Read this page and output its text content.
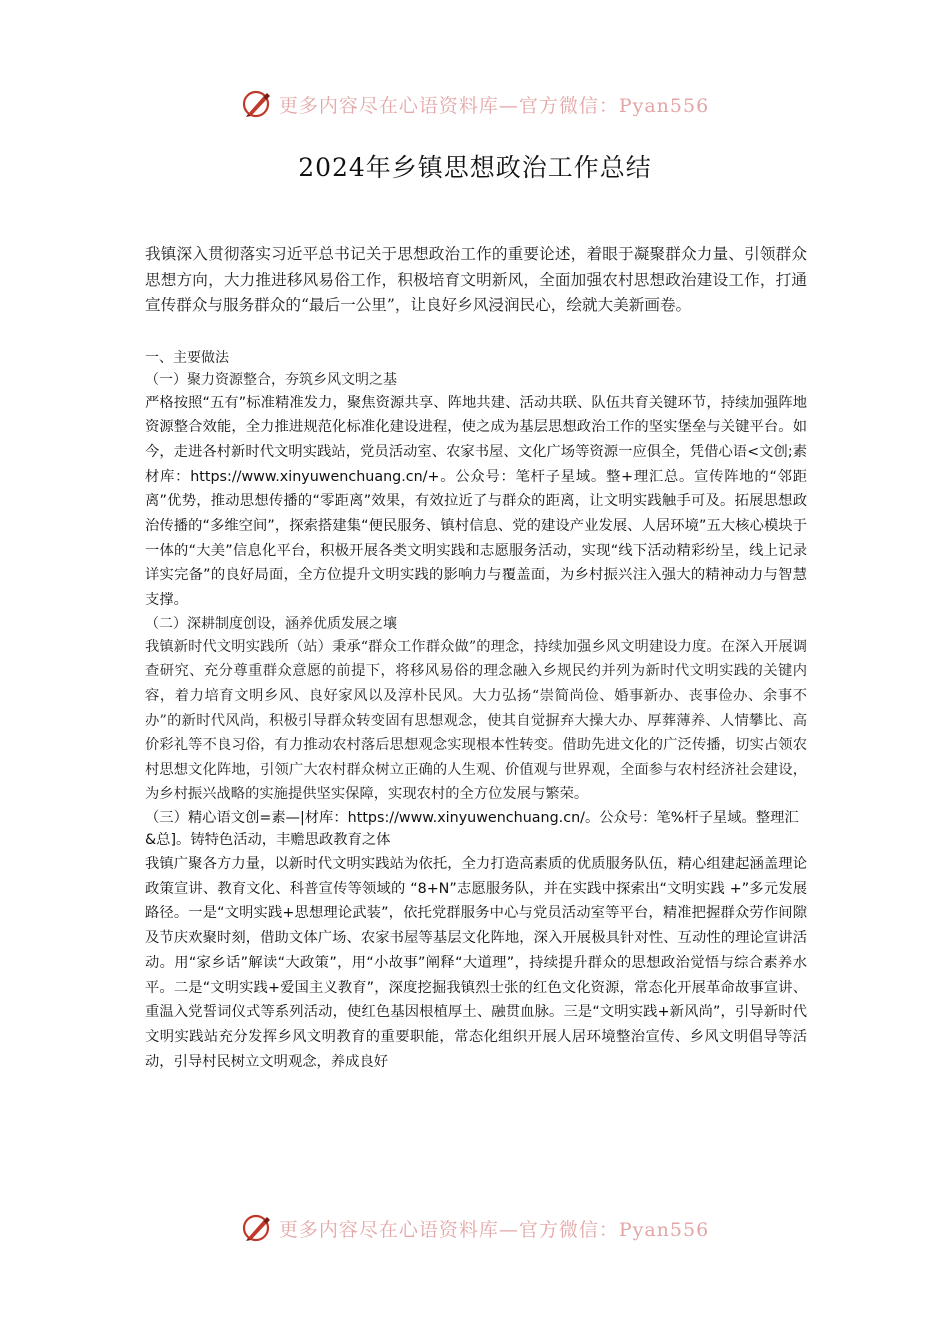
更多内容尽在心语资料库—官方微信：Pyan556
2024年乡镇思想政治工作总结

我镇深入贯彻落实习近平总书记关于思想政治工作的重要论述，着眼于凝聚群众力量、引领群众思想方向，大力推进移风易俗工作，积极培育文明新风，全面加强农村思想政治建设工作，打通宣传群众与服务群众的“最后一公里”，让良好乡风浸润民心，绘就大美新画卷。

一、主要做法

（一）聚力资源整合，夯筑乡风文明之基

严格按照“五有”标准精准发力，聚焦资源共享、阵地共建、活动共联、队伍共育关键环节，持续加强阵地资源整合效能，全力推进规范化标准化建设进程，使之成为基层思想政治工作的坚实堡垒与关键平台。如今，走进各村新时代文明实践站，党员活动室、农家书屋、文化广场等资源一应俱全，凭借心语<文创;素材库：https://www.xinyuwenchuang.cn/+。公众号：笔杆子星域。整+理汇总。宣传阵地的“邻距离”优势，推动思想传播的“零距离”效果，有效拉近了与群众的距离，让文明实践触手可及。拓展思想政治传播的“多维空间”，探索搭建集“便民服务、镇村信息、党的建设产业发展、人居环境”五大核心模块于一体的“大美”信息化平台，积极开展各类文明实践和志愿服务活动，实现“线下活动精彩纷呈，线上记录详实完备”的良好局面，全方位提升文明实践的影响力与覆盖面，为乡村振兴注入强大的精神动力与智慧支撑。

（二）深耕制度创设，涵养优质发展之壤

我镇新时代文明实践所（站）秉承“群众工作群众做”的理念，持续加强乡风文明建设力度。在深入开展调查研究、充分尊重群众意愿的前提下，将移风易俗的理念融入乡规民约并列为新时代文明实践的关键内容，着力培育文明乡风、良好家风以及淳朴民风。大力弘扬“崇简尚俭、婚事新办、丧事俭办、余事不办”的新时代风尚，积极引导群众转变固有思想观念，使其自觉摒弃大操大办、厚葬薄养、人情攀比、高价彩礼等不良习俗，有力推动农村落后思想观念实现根本性转变。借助先进文化的广泛传播，切实占领农村思想文化阵地，引领广大农村群众树立正确的人生观、价值观与世界观，全面参与农村经济社会建设，为乡村振兴战略的实施提供坚实保障，实现农村的全方位发展与繁荣。

（三）精心语文创=素—|材库：https://www.xinyuwenchuang.cn/。公众号：笔%杆子星域。整理汇&总]。铸特色活动，丰赡思政教育之体

我镇广聚各方力量，以新时代文明实践站为依托，全力打造高素质的优质服务队伍，精心组建起涵盖理论政策宣讲、教育文化、科普宣传等领域的 “8+N”志愿服务队，并在实践中探索出“文明实践 +”多元发展路径。一是“文明实践+思想理论武装”，依托党群服务中心与党员活动室等平台，精准把握群众劳作间隙及节庆欢聚时刻，借助文体广场、农家书屋等基层文化阵地，深入开展极具针对性、互动性的理论宣讲活动。用“家乡话”解读“大政策”，用“小故事”阐释“大道理”，持续提升群众的思想政治觉悟与综合素养水平。二是“文明实践+爱国主义教育”，深度挖掘我镇烈士张的红色文化资源，常态化开展革命故事宣讲、重温入党誓词仪式等系列活动，使红色基因根植厚土、融贯血脉。三是“文明实践+新风尚”，引导新时代文明实践站充分发挥乡风文明教育的重要职能，常态化组织开展人居环境整治宣传、乡风文明倡导等活动，引导村民树立文明观念，养成良好

更多内容尽在心语资料库—官方微信：Pyan556
